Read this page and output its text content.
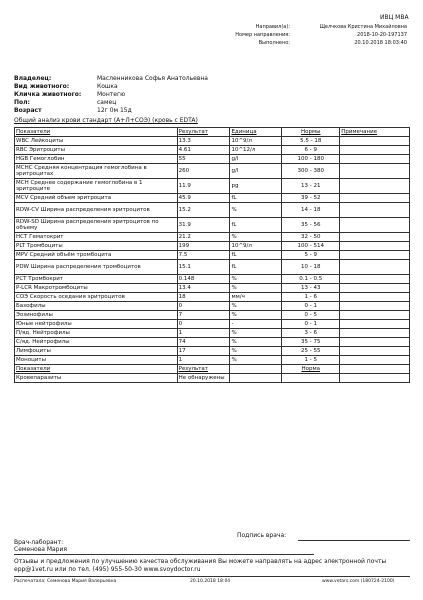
ИВЦ МВА
Направил(а):	Щелчкова Кристина Михайловна
Номер направления:	2018-10-20-197137
Выполнено:	20.10.2018 18:03:40
Владелец:	Масленникова Софья Анатольевна
Вид животного:	Кошка
Кличка животного:	Монтегю
Пол:	самец
Возраст	12г 0м 15д
Общий анализ крови стандарт (А+Л+СОЭ) (кровь с EDTA)
Показатели	Результат	Единица	Нормы	Примечание
WBC Лейкоциты	13.3	10^9/л	5.5 - 18
RBC Эритроциты	4.61	10^12/л	6 - 9
HGB Гемоглобин	55	g/l	100 - 180
MCHC Средняя концентрация гемоглобина в эритроцитах	260	g/l	300 - 380
MCH Среднее содержание гемоглобина в 1 эритроците	11.9	pg	13 - 21
MCV Средний объем эритроцита	45.9	fL	39 - 52
RDW-CV Ширина распределения эритроцитов	15.2	%	14 - 18
RDW-SD Ширина распределения эритроцитов по объему	31.9	fL	35 - 56
HCT Гематокрит	21.2	%	32 - 50
PLT Тромбоциты	199	10^9/л	100 - 514
MPV Средний объём тромбоцита	7.5	fL	5 - 9
PDW Ширина распределения тромбоцитов	15.1	fL	10 - 18
PCT Тромбокрит	0.148	%	0.1 - 0.5
P-LCR Макротромбоциты	13.4	%	13 - 43
СОЭ Скорость оседания эритроцитов	18	мм/ч	1 - 6
Базофилы	0	%	0 - 1
Эозинофилы	7	%	0 - 5
Юные нейтрофилы	0	-	0 - 1
П/яд. Нейтрофилы	1	%	3 - 6
С/яд. Нейтрофилы	74	%	35 - 75
Лимфоциты	17	%	25 - 55
Моноциты	1	%	1 - 5
Показатели	Результат	Норма
Кровепаразиты	Не обнаружены
Подпись врача:
Врач-лаборант:
Семенова Мария
Отзывы и предложения по улучшению качества обслуживания Вы можете направлять на адрес электронной почты epp@1vet.ru или по тел. (495) 955-50-30 www.svoydoctor.ru
Распечатала: Семенова Мария Валерьевна	20.10.2018 18:04	www.vetars.com (180724-2100)
